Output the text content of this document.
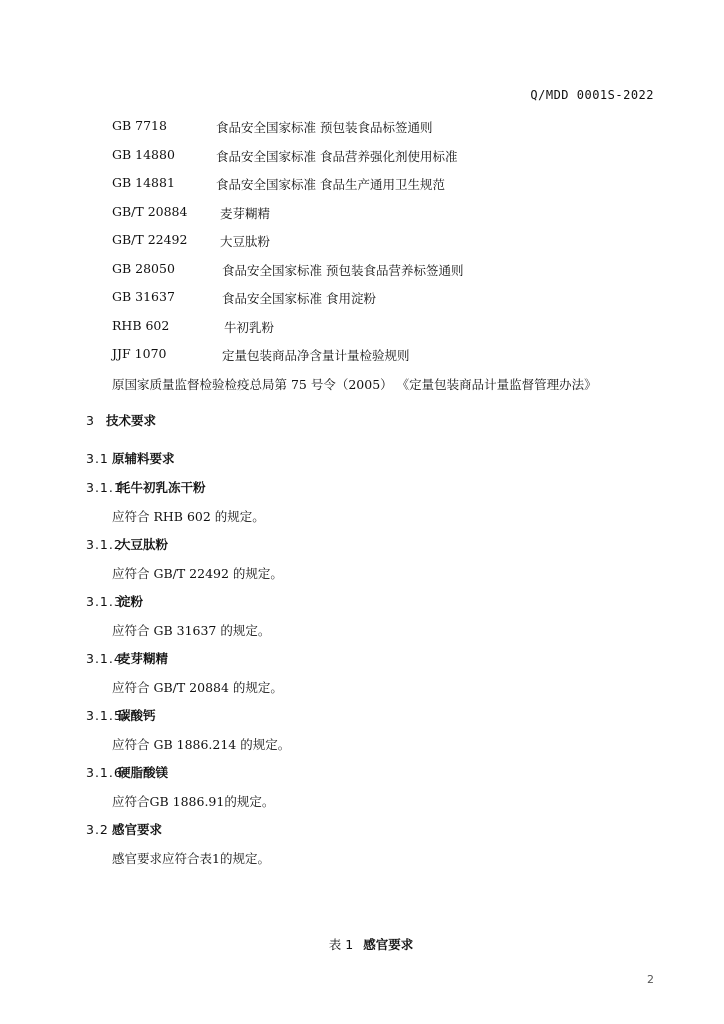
Q/MDD 0001S-2022
GB 7718	食品安全国家标准 预包装食品标签通则
GB 14880	食品安全国家标准 食品营养强化剂使用标准
GB 14881	食品安全国家标准 食品生产通用卫生规范
GB/T 20884	麦芽糊精
GB/T 22492	大豆肽粉
GB 28050	食品安全国家标准 预包装食品营养标签通则
GB 31637	食品安全国家标准 食用淀粉
RHB 602	牛初乳粉
JJF 1070	定量包装商品净含量计量检验规则
原国家质量监督检验检疫总局第 75 号令（2005） 《定量包装商品计量监督管理办法》
3 技术要求
3.1 原辅料要求
3.1.1牦牛初乳冻干粉
应符合 RHB 602 的规定。
3.1.2大豆肽粉
应符合 GB/T 22492 的规定。
3.1.3淀粉
应符合 GB 31637 的规定。
3.1.4麦芽糊精
应符合 GB/T 20884 的规定。
3.1.5碳酸钙
应符合 GB 1886.214 的规定。
3.1.6硬脂酸镁
应符合GB 1886.91的规定。
3.2 感官要求
感官要求应符合表1的规定。
表 1 感官要求
2
